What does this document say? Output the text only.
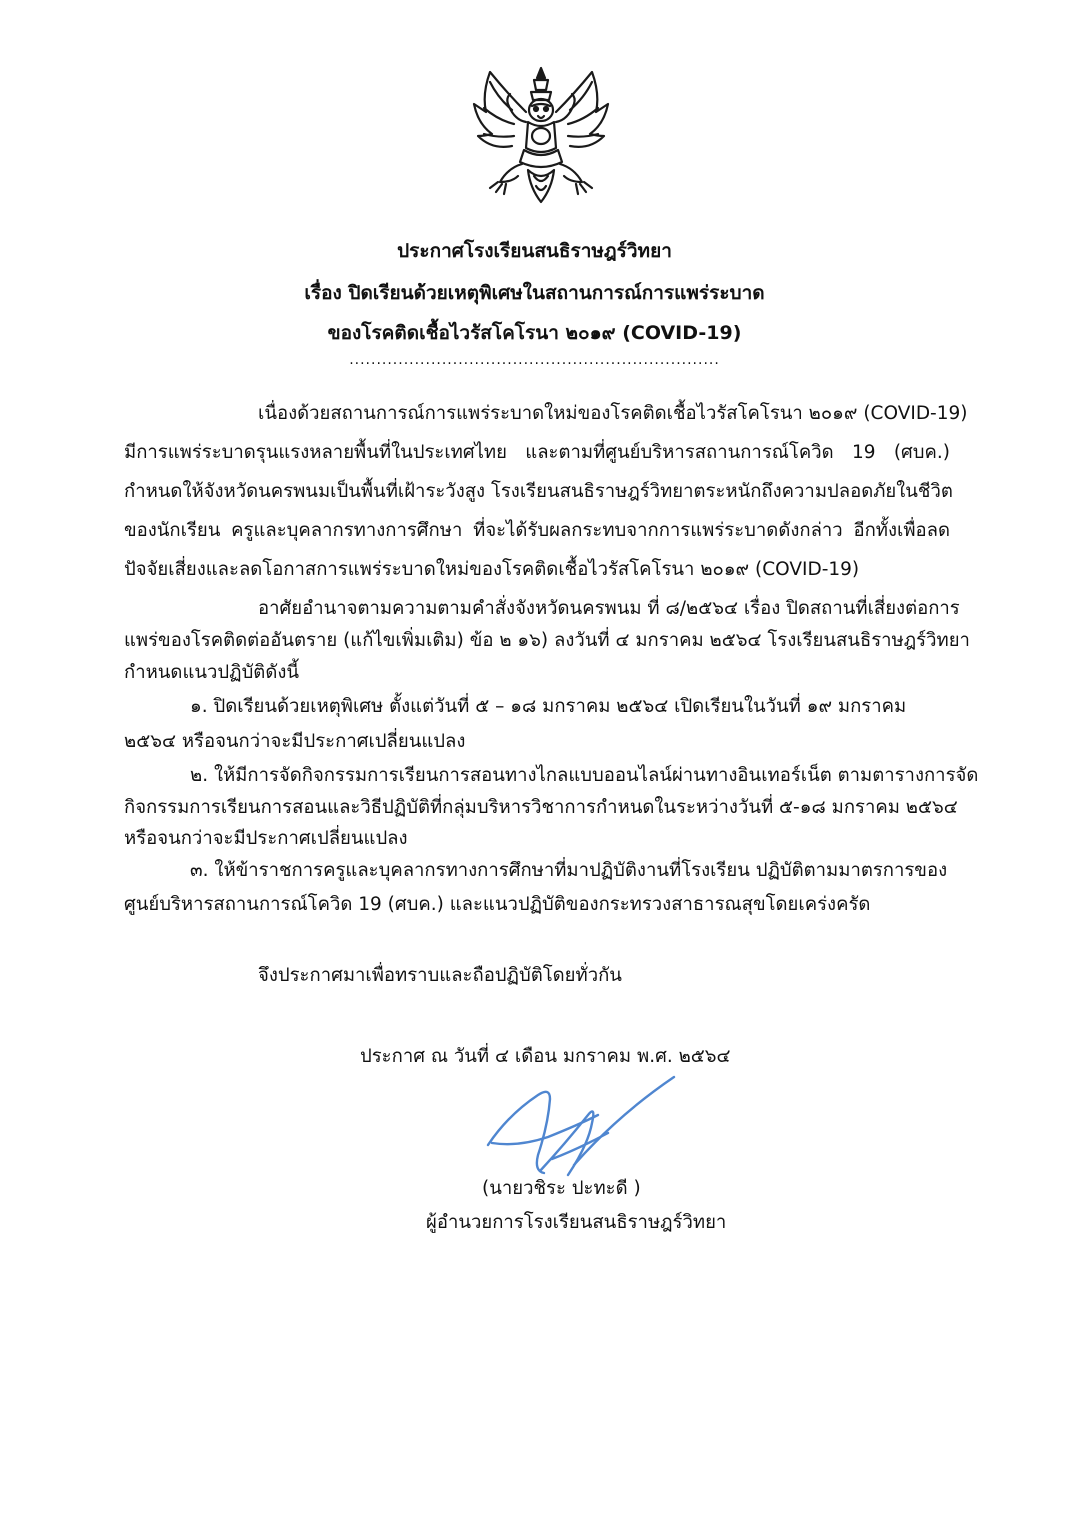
ประกาศโรงเรียนสนธิราษฎร์วิทยา
เรื่อง ปิดเรียนด้วยเหตุพิเศษในสถานการณ์การแพร่ระบาด
ของโรคติดเชื้อไวรัสโคโรนา ๒๐๑๙ (COVID-19)
....................................................................
เนื่องด้วยสถานการณ์การแพร่ระบาดใหม่ของโรคติดเชื้อไวรัสโคโรนา ๒๐๑๙ (COVID-19)
มีการแพร่ระบาดรุนแรงหลายพื้นที่ในประเทศไทย และตามที่ศูนย์บริหารสถานการณ์โควิด 19 (ศบค.)
กำหนดให้จังหวัดนครพนมเป็นพื้นที่เฝ้าระวังสูง โรงเรียนสนธิราษฎร์วิทยาตระหนักถึงความปลอดภัยในชีวิต
ของนักเรียน ครูและบุคลากรทางการศึกษา ที่จะได้รับผลกระทบจากการแพร่ระบาดดังกล่าว อีกทั้งเพื่อลด
ปัจจัยเสี่ยงและลดโอกาสการแพร่ระบาดใหม่ของโรคติดเชื้อไวรัสโคโรนา ๒๐๑๙ (COVID-19)
อาศัยอำนาจตามความตามคำสั่งจังหวัดนครพนม ที่ ๘/๒๕๖๔ เรื่อง ปิดสถานที่เสี่ยงต่อการ
แพร่ของโรคติดต่ออันตราย (แก้ไขเพิ่มเติม) ข้อ ๒ ๑๖) ลงวันที่ ๔ มกราคม ๒๕๖๔ โรงเรียนสนธิราษฎร์วิทยา
กำหนดแนวปฏิบัติดังนี้
๑. ปิดเรียนด้วยเหตุพิเศษ ตั้งแต่วันที่ ๕ – ๑๘ มกราคม ๒๕๖๔ เปิดเรียนในวันที่ ๑๙ มกราคม
๒๕๖๔ หรือจนกว่าจะมีประกาศเปลี่ยนแปลง
๒. ให้มีการจัดกิจกรรมการเรียนการสอนทางไกลแบบออนไลน์ผ่านทางอินเทอร์เน็ต ตามตารางการจัด
กิจกรรมการเรียนการสอนและวิธีปฏิบัติที่กลุ่มบริหารวิชาการกำหนดในระหว่างวันที่ ๕-๑๘ มกราคม ๒๕๖๔
หรือจนกว่าจะมีประกาศเปลี่ยนแปลง
๓. ให้ข้าราชการครูและบุคลากรทางการศึกษาที่มาปฏิบัติงานที่โรงเรียน ปฏิบัติตามมาตรการของ
ศูนย์บริหารสถานการณ์โควิด 19 (ศบค.) และแนวปฏิบัติของกระทรวงสาธารณสุขโดยเคร่งครัด
จึงประกาศมาเพื่อทราบและถือปฏิบัติโดยทั่วกัน
ประกาศ ณ วันที่ ๔ เดือน มกราคม พ.ศ. ๒๕๖๔
(นายวชิระ ปะทะดี )
ผู้อำนวยการโรงเรียนสนธิราษฎร์วิทยา
